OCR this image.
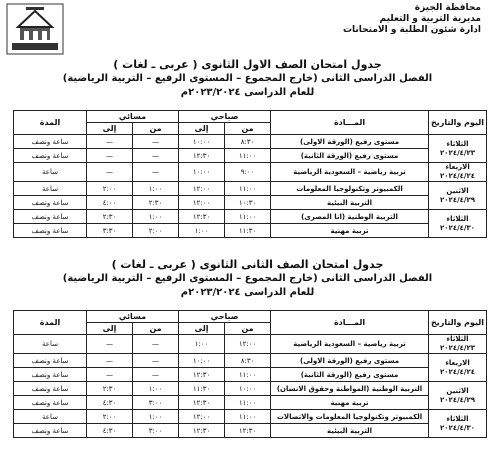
محافظة الجيزة
مديرية التربية و التعليم
ادارة شئون الطلبة و الامتحانات
جدول امتحان الصف الاول الثانوى ( عربى ـ لغات )
الفصل الدراسى الثانى (خارج المجموع – المستوى الرفيع – التربية الرياضية)
للعام الدراسى ٢٠٢٣/٢٠٢٤م
اليوم والتاريخ	المـــادة	صباحي		مسائي		المدة
		من	إلى	من	إلى	

الثلاثاء
٢٠٢٤/٤/٢٣	مستوى رفيع (الورقة الاولى)	٨:٣٠	١٠:٠٠	—	—	ساعة ونصف
	مستوى رفيع (الورقة الثانية)	١١:٠٠	١٢:٣٠	—	—	ساعة ونصف

الاربعاء
٢٠٢٤/٤/٢٤	تربية رياضية – السعودية الرياضية	٩:٠٠	١٠:٠٠	—	—	ساعة

الاثنين
٢٠٢٤/٤/٢٩	الكمبيوتر وتكنولوجيا المعلومات	١١:٠٠	١٢:٠٠	١:٠٠	٢:٠٠	ساعة
	التربية البيئية	١٠:٣٠	١٢:٠٠	٢:٣٠	٤:٠٠	ساعة ونصف

الثلاثاء
٢٠٢٤/٤/٣٠	التربية الوطنية (انا المصرى)	١١:٠٠	١٢:٣٠	١:٠٠	٢:٣٠	ساعة ونصف
	تربية مهنية	١١:٣٠	١:٠٠	٢:٠٠	٣:٣٠	ساعة ونصف
جدول امتحان الصف الثانى الثانوى ( عربى ـ لغات )
الفصل الدراسى الثانى (خارج المجموع – المستوى الرفيع – التربية الرياضية)
للعام الدراسى ٢٠٢٣/٢٠٢٤م
اليوم والتاريخ	المـــادة	صباحي		مسائي		المدة
		من	إلى	من	إلى	

الثلاثاء
٢٠٢٤/٤/٢٣	تربية رياضية – السعودية الرياضية	١٢:٠٠	١:٠٠	—	—	ساعة

الاربعاء
٢٠٢٤/٤/٢٤	مستوى رفيع (الورقة الاولى)	٨:٣٠	١٠:٠٠	—	—	ساعة ونصف
	مستوى رفيع (الورقة الثانية)	١١:٠٠	١٢:٣٠	—	—	ساعة ونصف

الاثنين
٢٠٢٤/٤/٢٩	التربية الوطنية (المواطنة وحقوق الانسان)	١٠:٠٠	١١:٣٠	١:٠٠	٢:٣٠	ساعة ونصف
	تربية مهنية	١١:٠٠	١٢:٣٠	٣:٠٠	٤:٣٠	ساعة ونصف

الثلاثاء
٢٠٢٤/٤/٣٠	الكمبيوتر وتكنولوجيا المعلومات والاتصالات	١١:٠٠	١٢:٠٠	١:٠٠	٢:٠٠	ساعة
	التربية البيئية	١٢:٣٠	١٢:٣٠	٣:٠٠	٤:٣٠	ساعة ونصف
